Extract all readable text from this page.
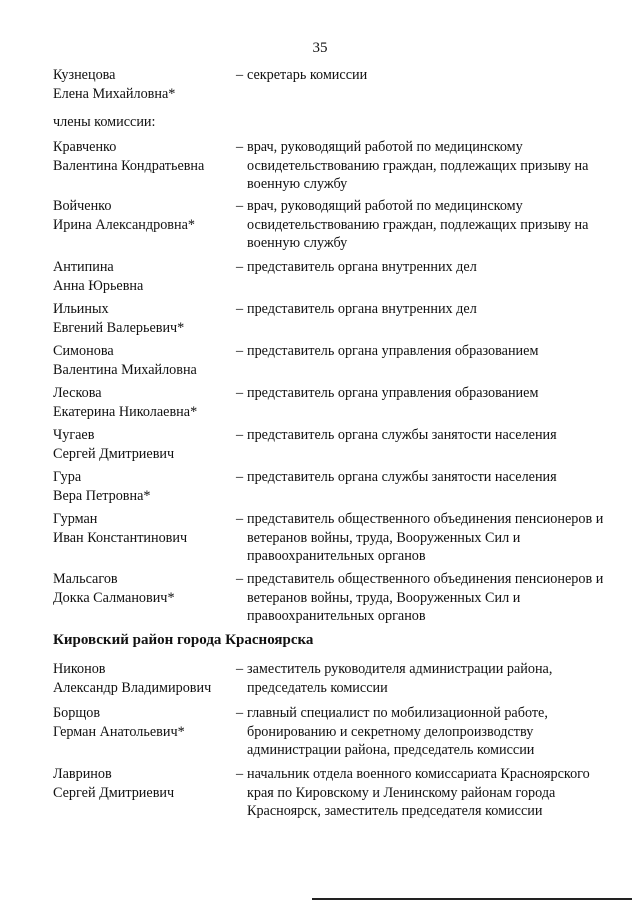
35
Кузнецова
Елена Михайловна*
– секретарь комиссии
члены комиссии:
Кравченко
Валентина Кондратьевна
– врач, руководящий работой по медицинскому освидетельствованию граждан, подлежащих призыву на военную службу
Войченко
Ирина Александровна*
– врач, руководящий работой по медицинскому освидетельствованию граждан, подлежащих призыву на военную службу
Антипина
Анна Юрьевна
– представитель органа внутренних дел
Ильиных
Евгений Валерьевич*
– представитель органа внутренних дел
Симонова
Валентина Михайловна
– представитель органа управления образованием
Лескова
Екатерина Николаевна*
– представитель органа управления образованием
Чугаев
Сергей Дмитриевич
– представитель органа службы занятости населения
Гура
Вера Петровна*
– представитель органа службы занятости населения
Гурман
Иван Константинович
– представитель общественного объединения пенсионеров и ветеранов войны, труда, Вооруженных Сил и правоохранительных органов
Мальсагов
Докка Салманович*
– представитель общественного объединения пенсионеров и ветеранов войны, труда, Вооруженных Сил и правоохранительных органов
Кировский район города Красноярска
Никонов
Александр Владимирович
– заместитель руководителя администрации района, председатель комиссии
Борщов
Герман Анатольевич*
– главный специалист по мобилизационной работе, бронированию и секретному делопроизводству администрации района, председатель комиссии
Лавринов
Сергей Дмитриевич
– начальник отдела военного комиссариата Красноярского края по Кировскому и Ленинскому районам города Красноярск, заместитель председателя комиссии
